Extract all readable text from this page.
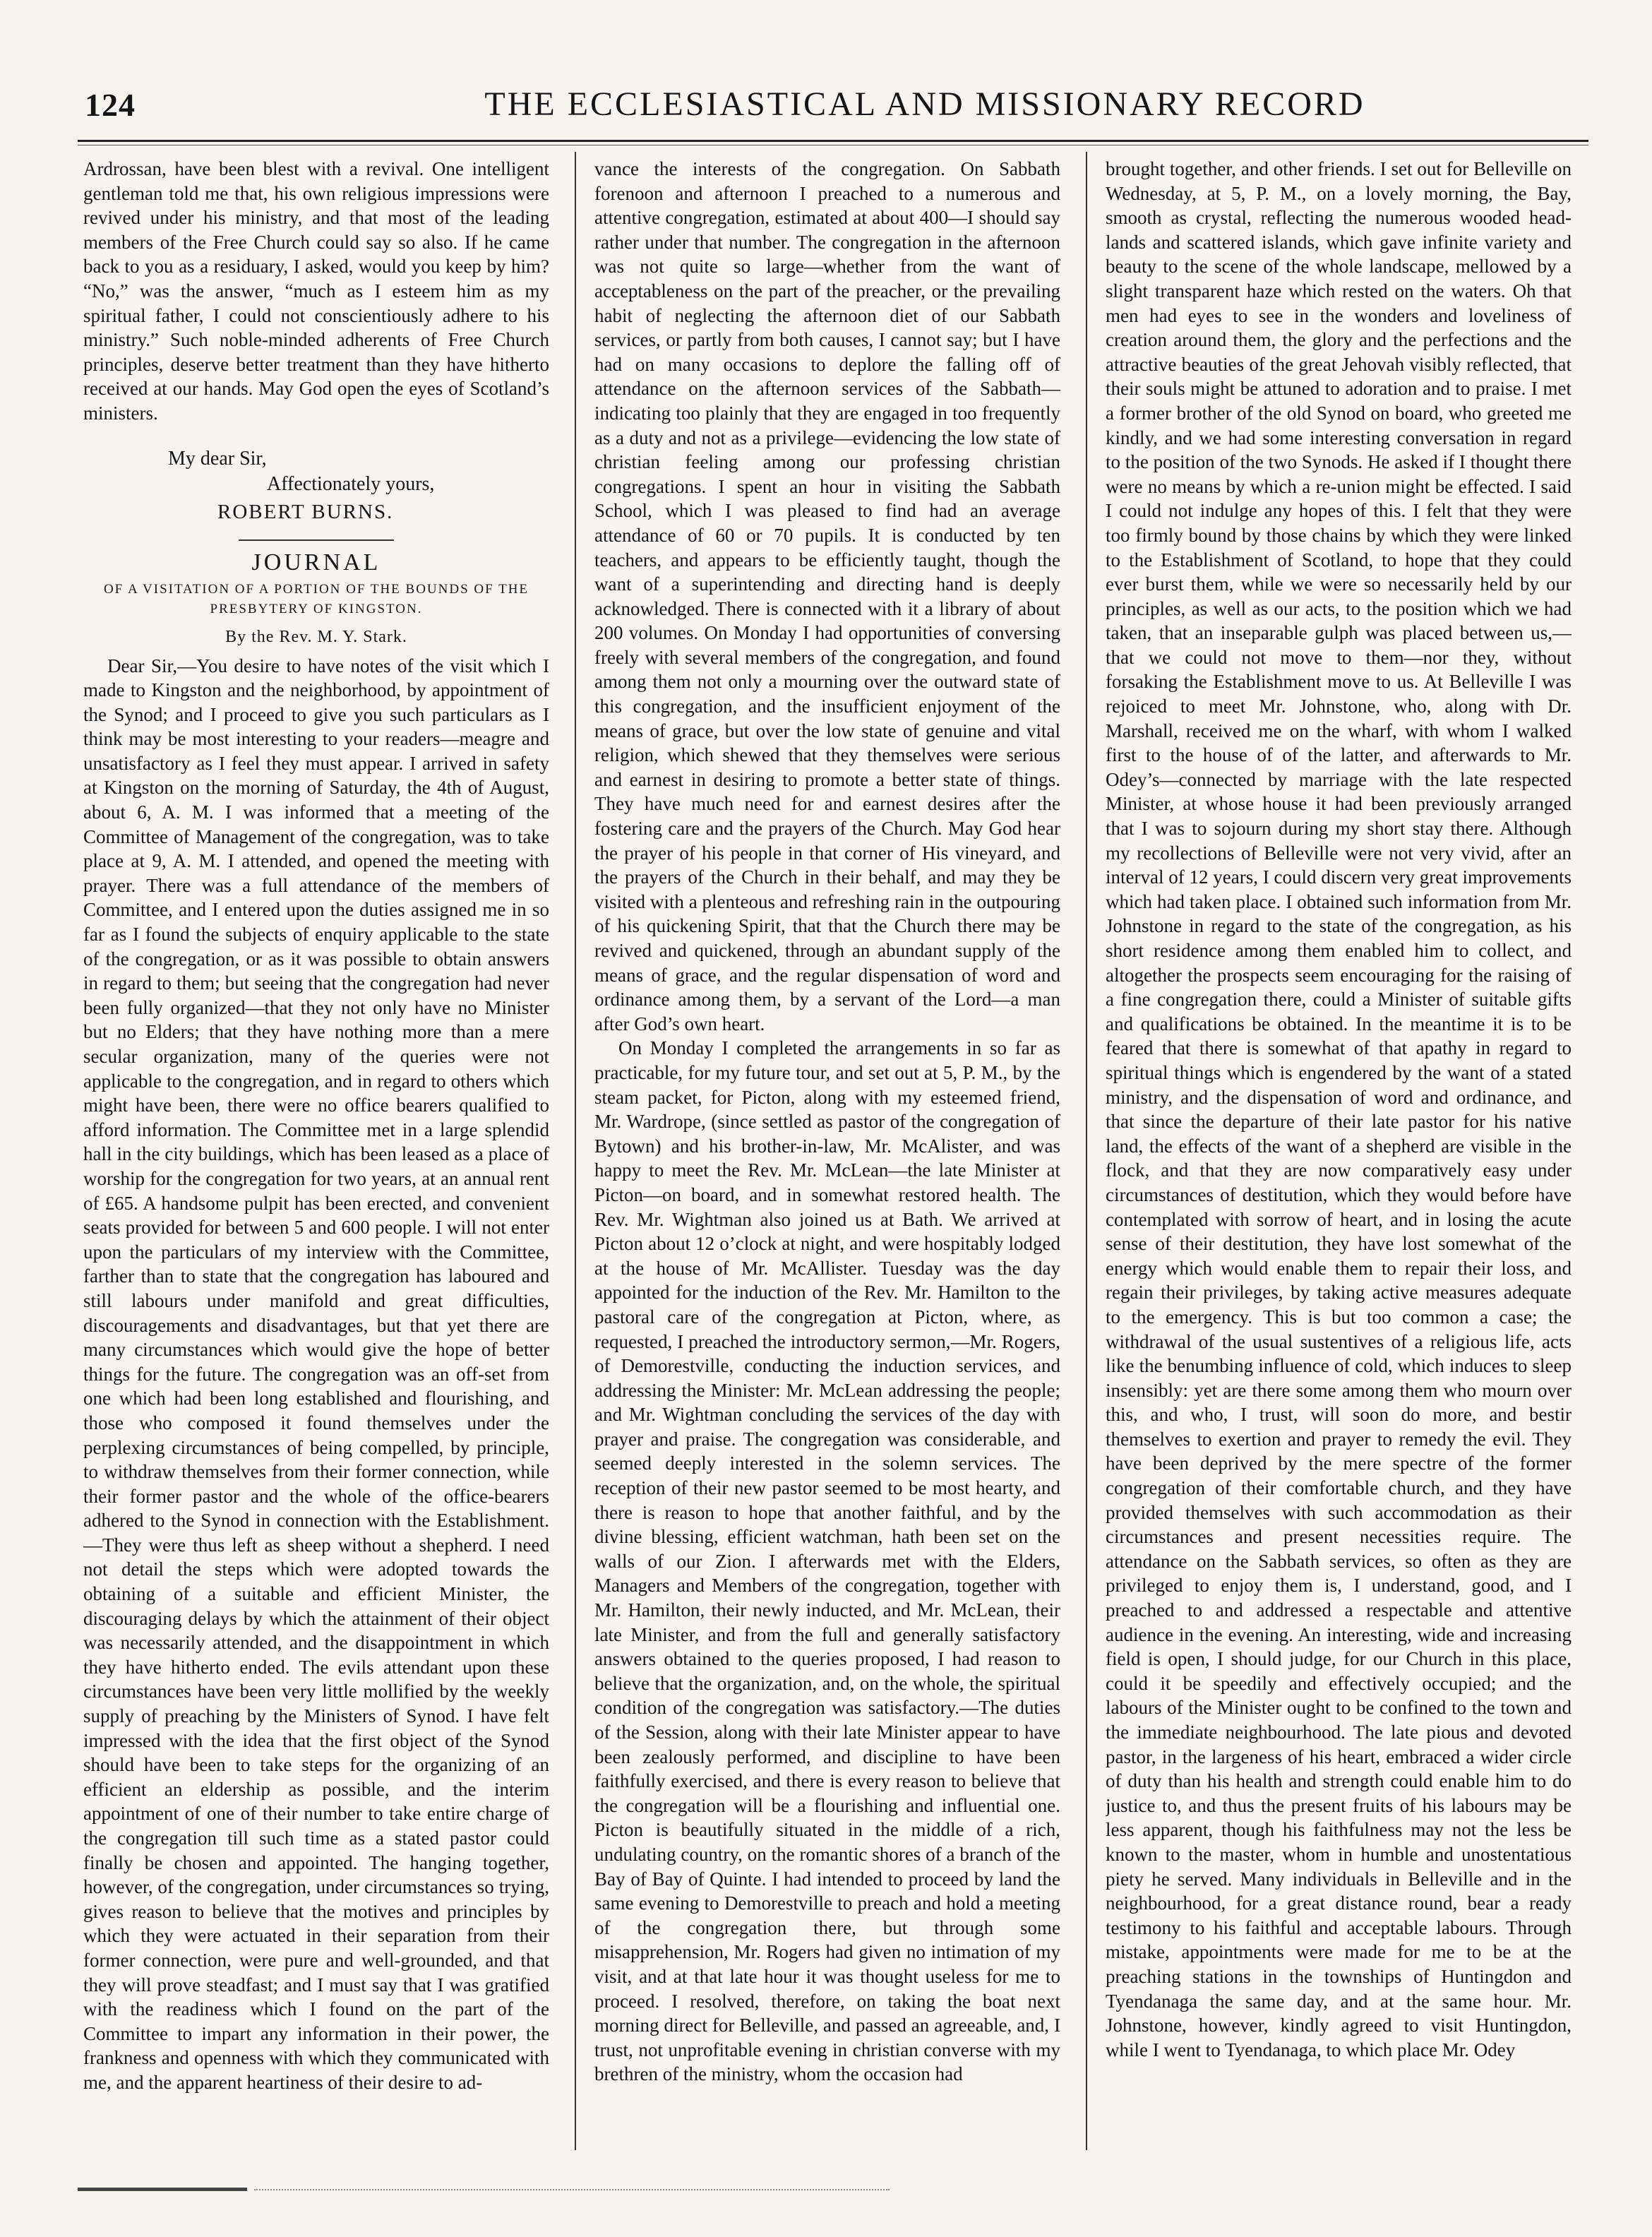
124	THE ECCLESIASTICAL AND MISSIONARY RECORD

Ardrossan, have been blest with a revival. One intelligent gentleman told me that, his own religious impressions were revived under his ministry, and that most of the leading members of the Free Church could say so also. If he came back to you as a residuary, I asked, would you keep by him? “No,” was the answer, “much as I esteem him as my spiritual father, I could not conscientiously adhere to his ministry.” Such noble-minded adherents of Free Church principles, deserve better treatment than they have hitherto received at our hands. May God open the eyes of Scotland’s ministers.

My dear Sir,
Affectionately yours,
ROBERT BURNS.
JOURNAL
OF A VISITATION OF A PORTION OF THE BOUNDS OF THE PRESBYTERY OF KINGSTON.
By the Rev. M. Y. Stark.

Dear Sir,—You desire to have notes of the visit which I made to Kingston and the neighborhood, by appointment of the Synod; and I proceed to give you such particulars as I think may be most interesting to your readers—meagre and unsatisfactory as I feel they must appear. I arrived in safety at Kingston on the morning of Saturday, the 4th of August, about 6, A. M. I was informed that a meeting of the Committee of Management of the congregation, was to take place at 9, A. M. I attended, and opened the meeting with prayer. There was a full attendance of the members of Committee, and I entered upon the duties assigned me in so far as I found the subjects of enquiry applicable to the state of the congregation, or as it was possible to obtain answers in regard to them; but seeing that the congregation had never been fully organized—that they not only have no Minister but no Elders; that they have nothing more than a mere secular organization, many of the queries were not applicable to the congregation, and in regard to others which might have been, there were no office bearers qualified to afford information. The Committee met in a large splendid hall in the city buildings, which has been leased as a place of worship for the congregation for two years, at an annual rent of £65. A handsome pulpit has been erected, and convenient seats provided for between 5 and 600 people. I will not enter upon the particulars of my interview with the Committee, farther than to state that the congregation has laboured and still labours under manifold and great difficulties, discouragements and disadvantages, but that yet there are many circumstances which would give the hope of better things for the future. The congregation was an off-set from one which had been long established and flourishing, and those who composed it found themselves under the perplexing circumstances of being compelled, by principle, to withdraw themselves from their former connection, while their former pastor and the whole of the office-bearers adhered to the Synod in connection with the Establishment.—They were thus left as sheep without a shepherd. I need not detail the steps which were adopted towards the obtaining of a suitable and efficient Minister, the discouraging delays by which the attainment of their object was necessarily attended, and the disappointment in which they have hitherto ended. The evils attendant upon these circumstances have been very little mollified by the weekly supply of preaching by the Ministers of Synod. I have felt impressed with the idea that the first object of the Synod should have been to take steps for the organizing of an efficient an eldership as possible, and the interim appointment of one of their number to take entire charge of the congregation till such time as a stated pastor could finally be chosen and appointed. The hanging together, however, of the congregation, under circumstances so trying, gives reason to believe that the motives and principles by which they were actuated in their separation from their former connection, were pure and well-grounded, and that they will prove steadfast; and I must say that I was gratified with the readiness which I found on the part of the Committee to impart any information in their power, the frankness and openness with which they communicated with me, and the apparent heartiness of their desire to ad-

vance the interests of the congregation. On Sabbath forenoon and afternoon I preached to a numerous and attentive congregation, estimated at about 400—I should say rather under that number. The congregation in the afternoon was not quite so large—whether from the want of acceptableness on the part of the preacher, or the prevailing habit of neglecting the afternoon diet of our Sabbath services, or partly from both causes, I cannot say; but I have had on many occasions to deplore the falling off of attendance on the afternoon services of the Sabbath—indicating too plainly that they are engaged in too frequently as a duty and not as a privilege—evidencing the low state of christian feeling among our professing christian congregations. I spent an hour in visiting the Sabbath School, which I was pleased to find had an average attendance of 60 or 70 pupils. It is conducted by ten teachers, and appears to be efficiently taught, though the want of a superintending and directing hand is deeply acknowledged. There is connected with it a library of about 200 volumes. On Monday I had opportunities of conversing freely with several members of the congregation, and found among them not only a mourning over the outward state of this congregation, and the insufficient enjoyment of the means of grace, but over the low state of genuine and vital religion, which shewed that they themselves were serious and earnest in desiring to promote a better state of things. They have much need for and earnest desires after the fostering care and the prayers of the Church. May God hear the prayer of his people in that corner of His vineyard, and the prayers of the Church in their behalf, and may they be visited with a plenteous and refreshing rain in the outpouring of his quickening Spirit, that that the Church there may be revived and quickened, through an abundant supply of the means of grace, and the regular dispensation of word and ordinance among them, by a servant of the Lord—a man after God’s own heart.

On Monday I completed the arrangements in so far as practicable, for my future tour, and set out at 5, P. M., by the steam packet, for Picton, along with my esteemed friend, Mr. Wardrope, (since settled as pastor of the congregation of Bytown) and his brother-in-law, Mr. McAlister, and was happy to meet the Rev. Mr. McLean—the late Minister at Picton—on board, and in somewhat restored health. The Rev. Mr. Wightman also joined us at Bath. We arrived at Picton about 12 o’clock at night, and were hospitably lodged at the house of Mr. McAllister. Tuesday was the day appointed for the induction of the Rev. Mr. Hamilton to the pastoral care of the congregation at Picton, where, as requested, I preached the introductory sermon,—Mr. Rogers, of Demorestville, conducting the induction services, and addressing the Minister: Mr. McLean addressing the people; and Mr. Wightman concluding the services of the day with prayer and praise. The congregation was considerable, and seemed deeply interested in the solemn services. The reception of their new pastor seemed to be most hearty, and there is reason to hope that another faithful, and by the divine blessing, efficient watchman, hath been set on the walls of our Zion. I afterwards met with the Elders, Managers and Members of the congregation, together with Mr. Hamilton, their newly inducted, and Mr. McLean, their late Minister, and from the full and generally satisfactory answers obtained to the queries proposed, I had reason to believe that the organization, and, on the whole, the spiritual condition of the congregation was satisfactory.—The duties of the Session, along with their late Minister appear to have been zealously performed, and discipline to have been faithfully exercised, and there is every reason to believe that the congregation will be a flourishing and influential one. Picton is beautifully situated in the middle of a rich, undulating country, on the romantic shores of a branch of the Bay of Bay of Quinte. I had intended to proceed by land the same evening to Demorestville to preach and hold a meeting of the congregation there, but through some misapprehension, Mr. Rogers had given no intimation of my visit, and at that late hour it was thought useless for me to proceed. I resolved, therefore, on taking the boat next morning direct for Belleville, and passed an agreeable, and, I trust, not unprofitable evening in christian converse with my brethren of the ministry, whom the occasion had

brought together, and other friends. I set out for Belleville on Wednesday, at 5, P. M., on a lovely morning, the Bay, smooth as crystal, reflecting the numerous wooded head-lands and scattered islands, which gave infinite variety and beauty to the scene of the whole landscape, mellowed by a slight transparent haze which rested on the waters. Oh that men had eyes to see in the wonders and loveliness of creation around them, the glory and the perfections and the attractive beauties of the great Jehovah visibly reflected, that their souls might be attuned to adoration and to praise. I met a former brother of the old Synod on board, who greeted me kindly, and we had some interesting conversation in regard to the position of the two Synods. He asked if I thought there were no means by which a re-union might be effected. I said I could not indulge any hopes of this. I felt that they were too firmly bound by those chains by which they were linked to the Establishment of Scotland, to hope that they could ever burst them, while we were so necessarily held by our principles, as well as our acts, to the position which we had taken, that an inseparable gulph was placed between us,—that we could not move to them—nor they, without forsaking the Establishment move to us. At Belleville I was rejoiced to meet Mr. Johnstone, who, along with Dr. Marshall, received me on the wharf, with whom I walked first to the house of of the latter, and afterwards to Mr. Odey’s—connected by marriage with the late respected Minister, at whose house it had been previously arranged that I was to sojourn during my short stay there. Although my recollections of Belleville were not very vivid, after an interval of 12 years, I could discern very great improvements which had taken place. I obtained such information from Mr. Johnstone in regard to the state of the congregation, as his short residence among them enabled him to collect, and altogether the prospects seem encouraging for the raising of a fine congregation there, could a Minister of suitable gifts and qualifications be obtained. In the meantime it is to be feared that there is somewhat of that apathy in regard to spiritual things which is engendered by the want of a stated ministry, and the dispensation of word and ordinance, and that since the departure of their late pastor for his native land, the effects of the want of a shepherd are visible in the flock, and that they are now comparatively easy under circumstances of destitution, which they would before have contemplated with sorrow of heart, and in losing the acute sense of their destitution, they have lost somewhat of the energy which would enable them to repair their loss, and regain their privileges, by taking active measures adequate to the emergency. This is but too common a case; the withdrawal of the usual sustentives of a religious life, acts like the benumbing influence of cold, which induces to sleep insensibly: yet are there some among them who mourn over this, and who, I trust, will soon do more, and bestir themselves to exertion and prayer to remedy the evil. They have been deprived by the mere spectre of the former congregation of their comfortable church, and they have provided themselves with such accommodation as their circumstances and present necessities require. The attendance on the Sabbath services, so often as they are privileged to enjoy them is, I understand, good, and I preached to and addressed a respectable and attentive audience in the evening. An interesting, wide and increasing field is open, I should judge, for our Church in this place, could it be speedily and effectively occupied; and the labours of the Minister ought to be confined to the town and the immediate neighbourhood. The late pious and devoted pastor, in the largeness of his heart, embraced a wider circle of duty than his health and strength could enable him to do justice to, and thus the present fruits of his labours may be less apparent, though his faithfulness may not the less be known to the master, whom in humble and unostentatious piety he served. Many individuals in Belleville and in the neighbourhood, for a great distance round, bear a ready testimony to his faithful and acceptable labours. Through mistake, appointments were made for me to be at the preaching stations in the townships of Huntingdon and Tyendanaga the same day, and at the same hour. Mr. Johnstone, however, kindly agreed to visit Huntingdon, while I went to Tyendanaga, to which place Mr. Odey
